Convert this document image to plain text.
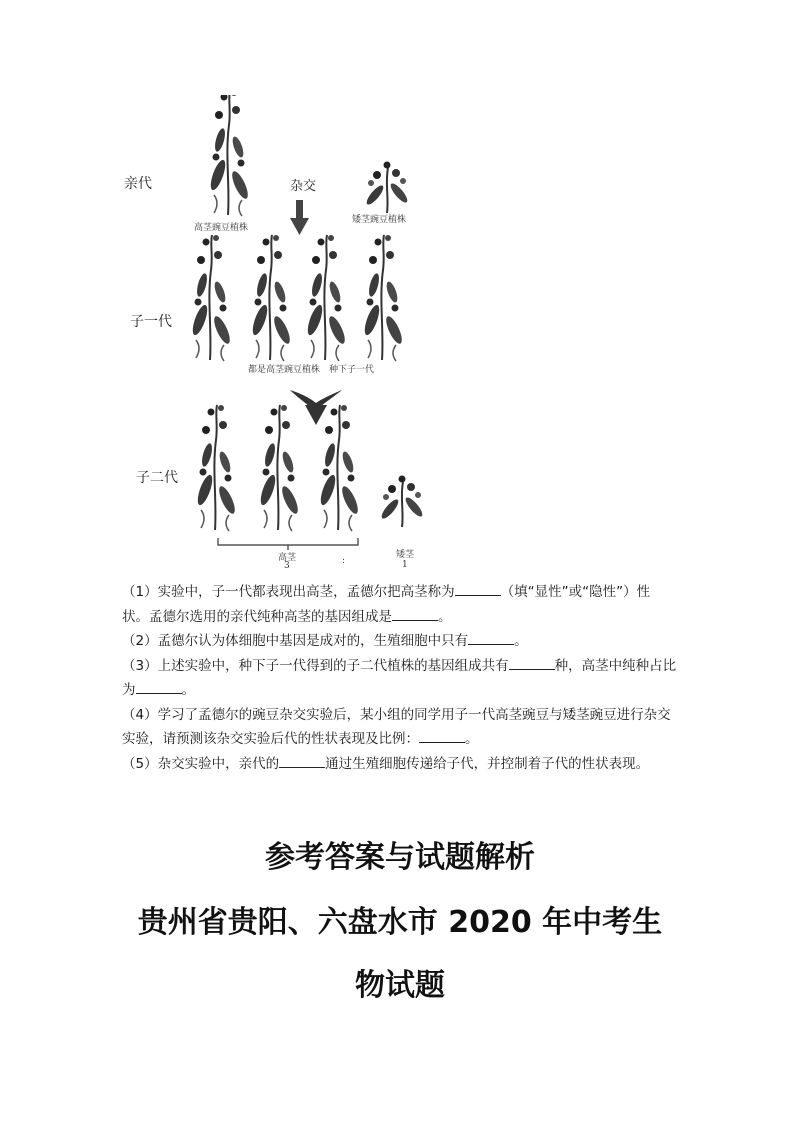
亲代	杂交
子一代
子二代
高茎豌豆植株
矮茎豌豆植株
都是高茎豌豆植株　种下子一代
高茎
3	:
矮茎
1

（1）实验中，子一代都表现出高茎，孟德尔把高茎称为	（填“显性”或“隐性”）性

状。孟德尔选用的亲代纯种高茎的基因组成是	。

（2）孟德尔认为体细胞中基因是成对的，生殖细胞中只有	。

（3）上述实验中，种下子一代得到的子二代植株的基因组成共有	种，高茎中纯种占比

为	。

（4）学习了孟德尔的豌豆杂交实验后，某小组的同学用子一代高茎豌豆与矮茎豌豆进行杂交

实验，请预测该杂交实验后代的性状表现及比例：	。

（5）杂交实验中，亲代的	通过生殖细胞传递给子代，并控制着子代的性状表现。

参考答案与试题解析
贵州省贵阳、六盘水市 2020 年中考生
物试题
